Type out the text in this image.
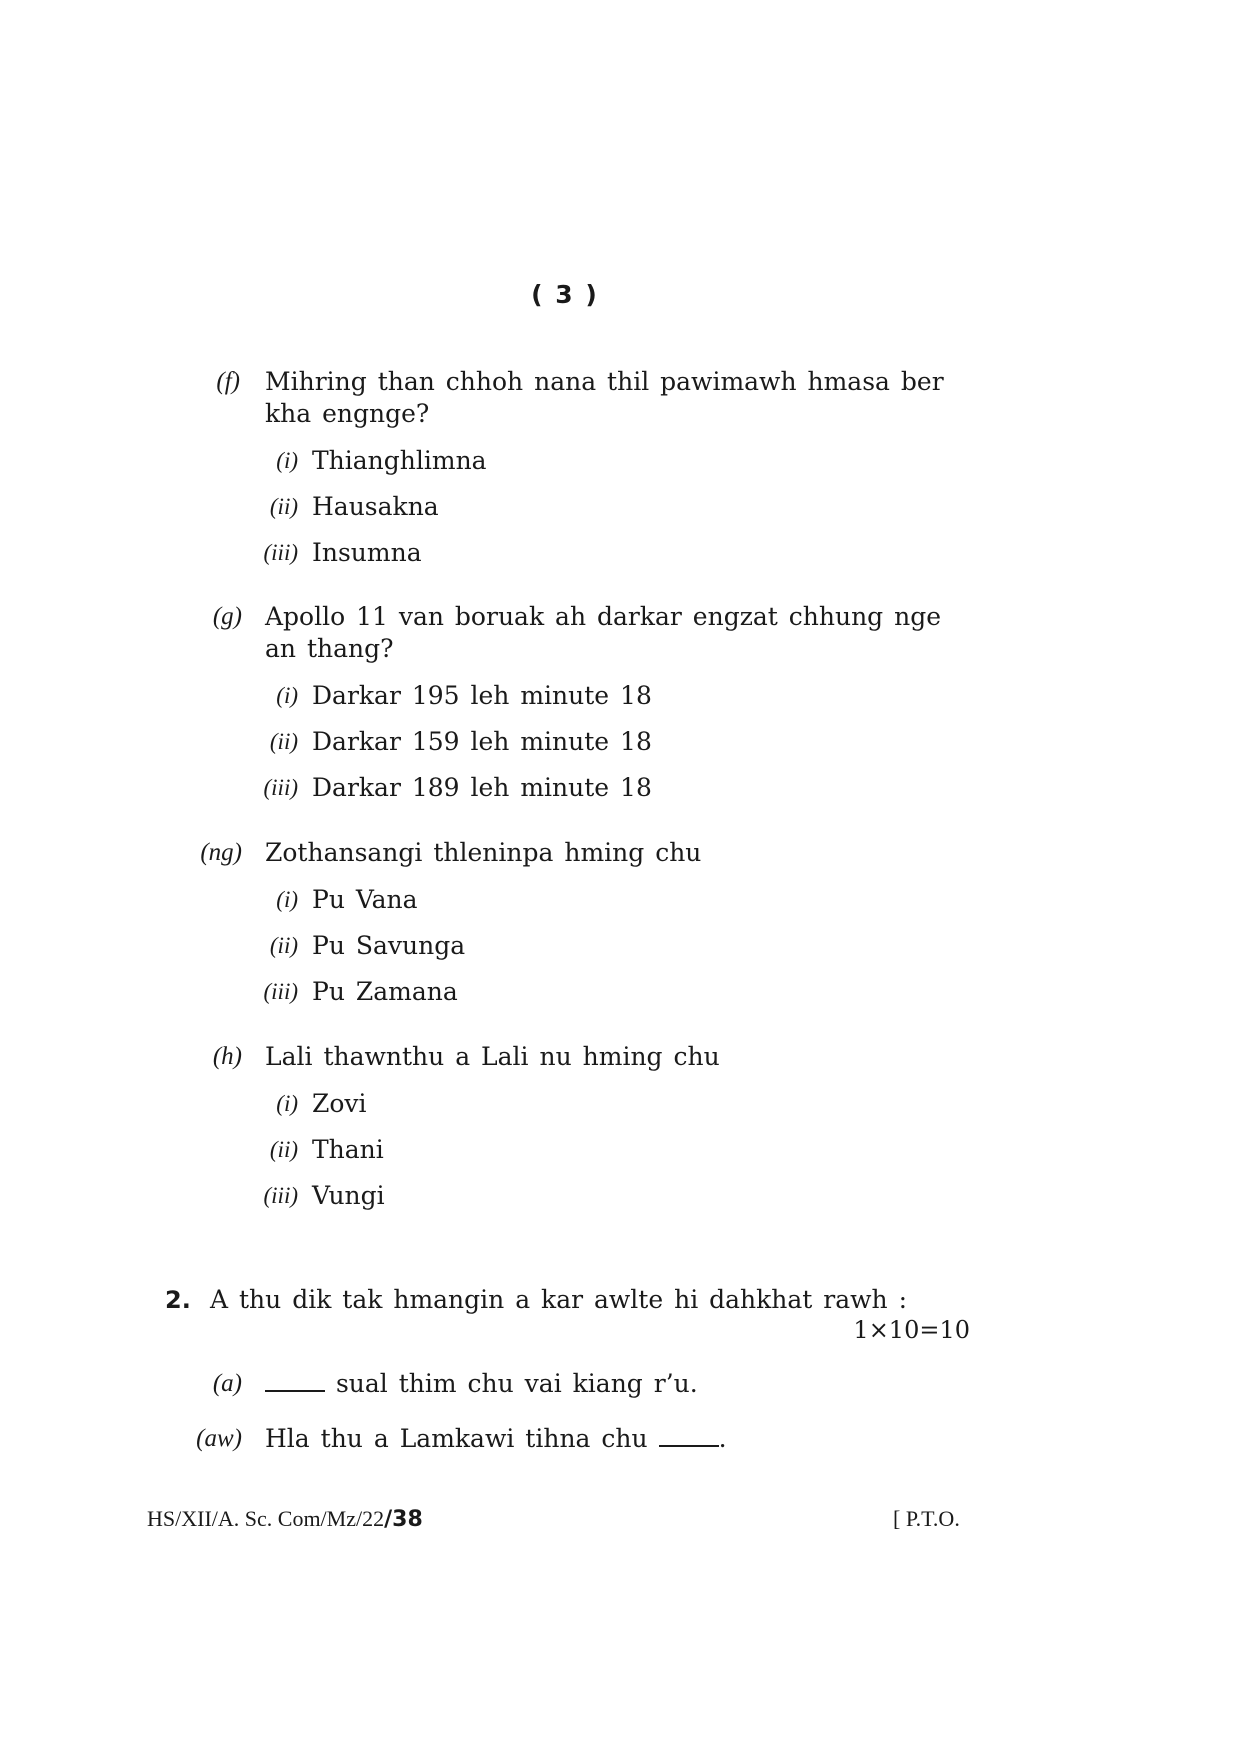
( 3 )
(f) Mihring than chhoh nana thil pawimawh hmasa ber
kha engnge?
(i) Thianghlimna
(ii) Hausakna
(iii) Insumna
(g) Apollo 11 van boruak ah darkar engzat chhung nge
an thang?
(i) Darkar 195 leh minute 18
(ii) Darkar 159 leh minute 18
(iii) Darkar 189 leh minute 18
(ng) Zothansangi thleninpa hming chu
(i) Pu Vana
(ii) Pu Savunga
(iii) Pu Zamana
(h) Lali thawnthu a Lali nu hming chu
(i) Zovi
(ii) Thani
(iii) Vungi
2. A thu dik tak hmangin a kar awlte hi dahkhat rawh :
1×10=10
(a)	sual thim chu vai kiang r’u.
(aw) Hla thu a Lamkawi tihna chu .
HS/XII/A. Sc. Com/Mz/22/38	[ P.T.O.
